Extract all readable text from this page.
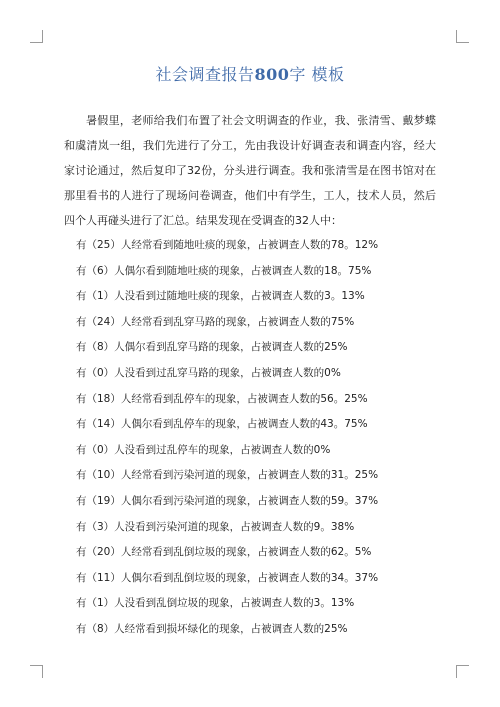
社会调查报告800字 模板

暑假里，老师给我们布置了社会文明调查的作业，我、张清雪、戴梦蝶和虞清岚一组，我们先进行了分工，先由我设计好调查表和调查内容，经大家讨论通过，然后复印了32份，分头进行调查。我和张清雪是在图书馆对在那里看书的人进行了现场问卷调查，他们中有学生，工人，技术人员，然后四个人再碰头进行了汇总。结果发现在受调查的32人中：

有（25）人经常看到随地吐痰的现象，占被调查人数的78。12%
有（6）人偶尔看到随地吐痰的现象，占被调查人数的18。75%
有（1）人没看到过随地吐痰的现象，占被调查人数的3。13%
有（24）人经常看到乱穿马路的现象，占被调查人数的75%
有（8）人偶尔看到乱穿马路的现象，占被调查人数的25%
有（0）人没看到过乱穿马路的现象，占被调查人数的0%
有（18）人经常看到乱停车的现象，占被调查人数的56。25%
有（14）人偶尔看到乱停车的现象，占被调查人数的43。75%
有（0）人没看到过乱停车的现象，占被调查人数的0%
有（10）人经常看到污染河道的现象，占被调查人数的31。25%
有（19）人偶尔看到污染河道的现象，占被调查人数的59。37%
有（3）人没看到污染河道的现象，占被调查人数的9。38%
有（20）人经常看到乱倒垃圾的现象，占被调查人数的62。5%
有（11）人偶尔看到乱倒垃圾的现象，占被调查人数的34。37%
有（1）人没看到乱倒垃圾的现象，占被调查人数的3。13%
有（8）人经常看到损坏绿化的现象，占被调查人数的25%
